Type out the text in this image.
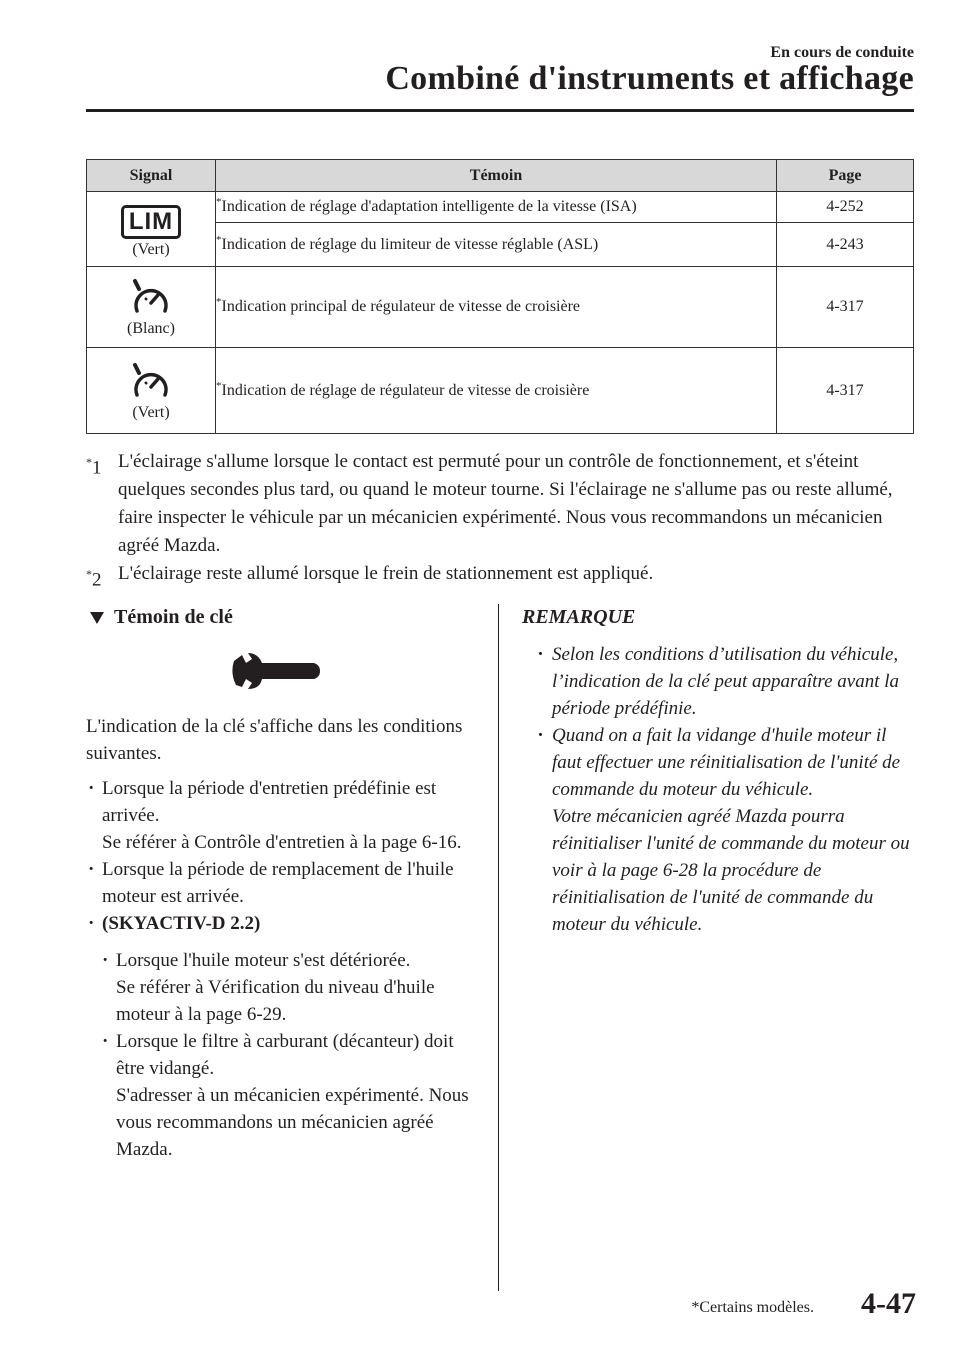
En cours de conduite
Combiné d'instruments et affichage
Signal	Témoin	Page
LIM
(Vert)	*Indication de réglage d'adaptation intelligente de la vitesse (ISA)	4-252
	*Indication de réglage du limiteur de vitesse réglable (ASL)	4-243

(Blanc)	*Indication principal de régulateur de vitesse de croisière	4-317

(Vert)	*Indication de réglage de régulateur de vitesse de croisière	4-317
*1 L'éclairage s'allume lorsque le contact est permuté pour un contrôle de fonctionnement, et s'éteint quelques secondes plus tard, ou quand le moteur tourne. Si l'éclairage ne s'allume pas ou reste allumé, faire inspecter le véhicule par un mécanicien expérimenté. Nous vous recommandons un mécanicien agréé Mazda.
*2 L'éclairage reste allumé lorsque le frein de stationnement est appliqué.
Témoin de clé
L'indication de la clé s'affiche dans les conditions suivantes.
· Lorsque la période d'entretien prédéfinie est arrivée.
Se référer à Contrôle d'entretien à la page 6-16.
· Lorsque la période de remplacement de l'huile moteur est arrivée.
· (SKYACTIV-D 2.2)
· Lorsque l'huile moteur s'est détériorée.
Se référer à Vérification du niveau d'huile moteur à la page 6-29.
· Lorsque le filtre à carburant (décanteur) doit être vidangé.
S'adresser à un mécanicien expérimenté. Nous vous recommandons un mécanicien agréé Mazda.
REMARQUE
· Selon les conditions d’utilisation du véhicule, l’indication de la clé peut apparaître avant la période prédéfinie.
· Quand on a fait la vidange d'huile moteur il faut effectuer une réinitialisation de l'unité de commande du moteur du véhicule.
Votre mécanicien agréé Mazda pourra réinitialiser l'unité de commande du moteur ou voir à la page 6-28 la procédure de réinitialisation de l'unité de commande du moteur du véhicule.
*Certains modèles. 4-47
